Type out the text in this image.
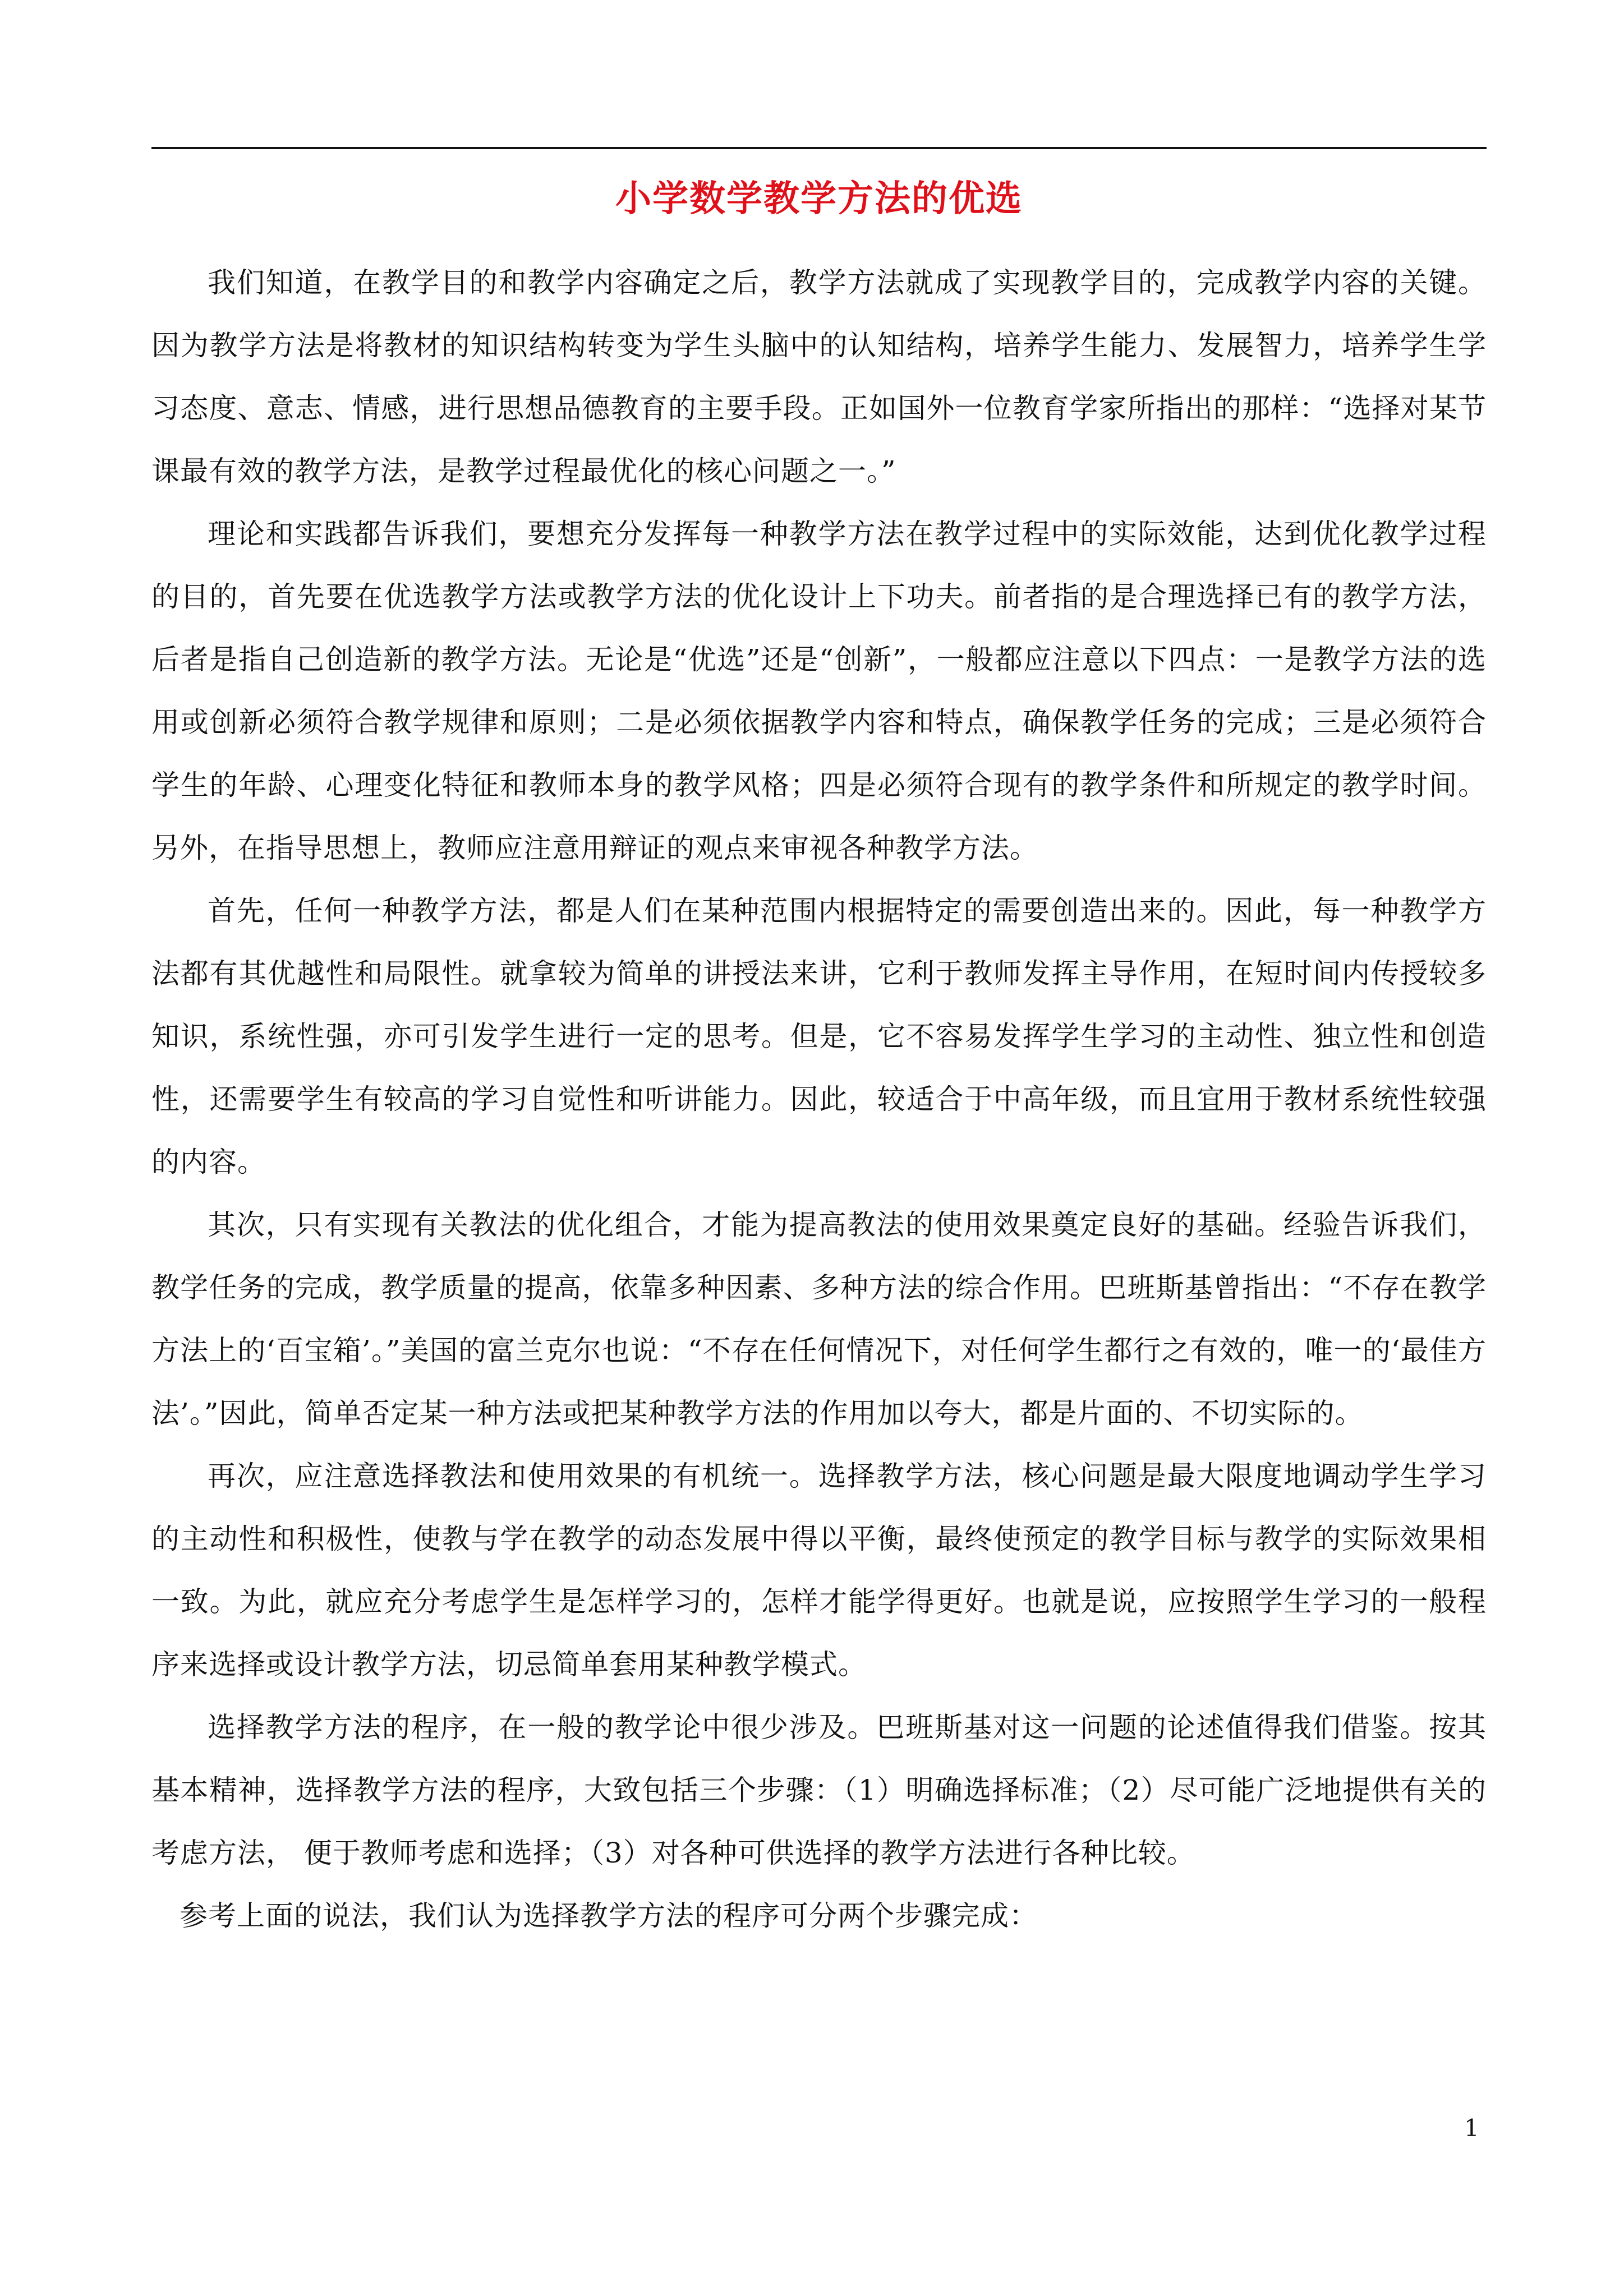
小学数学教学方法的优选

我们知道，在教学目的和教学内容确定之后，教学方法就成了实现教学目的，完成教学内容的关键。因为教学方法是将教材的知识结构转变为学生头脑中的认知结构，培养学生能力、发展智力，培养学生学习态度、意志、情感，进行思想品德教育的主要手段。正如国外一位教育学家所指出的那样：“选择对某节课最有效的教学方法，是教学过程最优化的核心问题之一。”

理论和实践都告诉我们，要想充分发挥每一种教学方法在教学过程中的实际效能，达到优化教学过程的目的，首先要在优选教学方法或教学方法的优化设计上下功夫。前者指的是合理选择已有的教学方法，后者是指自己创造新的教学方法。无论是“优选”还是“创新”，一般都应注意以下四点：一是教学方法的选用或创新必须符合教学规律和原则；二是必须依据教学内容和特点，确保教学任务的完成；三是必须符合学生的年龄、心理变化特征和教师本身的教学风格；四是必须符合现有的教学条件和所规定的教学时间。另外，在指导思想上，教师应注意用辩证的观点来审视各种教学方法。

首先，任何一种教学方法，都是人们在某种范围内根据特定的需要创造出来的。因此，每一种教学方法都有其优越性和局限性。就拿较为简单的讲授法来讲，它利于教师发挥主导作用，在短时间内传授较多知识，系统性强，亦可引发学生进行一定的思考。但是，它不容易发挥学生学习的主动性、独立性和创造性，还需要学生有较高的学习自觉性和听讲能力。因此，较适合于中高年级，而且宜用于教材系统性较强的内容。

其次，只有实现有关教法的优化组合，才能为提高教法的使用效果奠定良好的基础。经验告诉我们，教学任务的完成，教学质量的提高，依靠多种因素、多种方法的综合作用。巴班斯基曾指出：“不存在教学方法上的‘百宝箱’。”美国的富兰克尔也说：“不存在任何情况下，对任何学生都行之有效的，唯一的‘最佳方法’。”因此，简单否定某一种方法或把某种教学方法的作用加以夸大，都是片面的、不切实际的。

再次，应注意选择教法和使用效果的有机统一。选择教学方法，核心问题是最大限度地调动学生学习的主动性和积极性，使教与学在教学的动态发展中得以平衡，最终使预定的教学目标与教学的实际效果相一致。为此，就应充分考虑学生是怎样学习的，怎样才能学得更好。也就是说，应按照学生学习的一般程序来选择或设计教学方法，切忌简单套用某种教学模式。

选择教学方法的程序，在一般的教学论中很少涉及。巴班斯基对这一问题的论述值得我们借鉴。按其基本精神，选择教学方法的程序，大致包括三个步骤：（1）明确选择标准；（2）尽可能广泛地提供有关的考虑方法， 便于教师考虑和选择；（3）对各种可供选择的教学方法进行各种比较。

参考上面的说法，我们认为选择教学方法的程序可分两个步骤完成：

1
